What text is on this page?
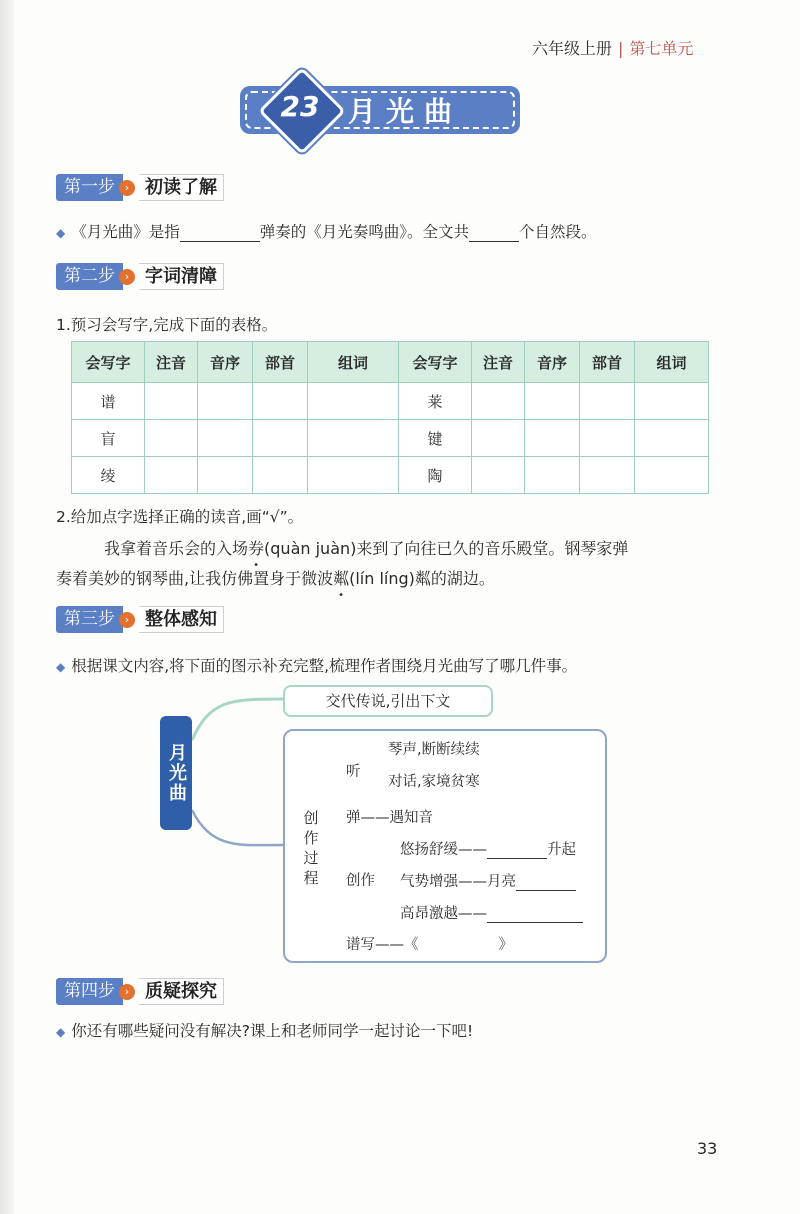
六年级上册 | 第七单元
23	月光曲
第一步 › 初读了解
◆ 《月光曲》是指	弹奏的《月光奏鸣曲》。全文共	个自然段。
第二步 › 字词清障
1.预习会写字,完成下面的表格。
会写字	注音	音序	部首	组词	会写字	注音	音序	部首	组词
谱					莱				
盲					键				
绫					陶				
2.给加点字选择正确的读音,画“√”。
我拿着音乐会的入场券(quàn juàn)来到了向往已久的音乐殿堂。钢琴家弹
奏着美妙的钢琴曲,让我仿佛置身于微波粼(lín líng)粼的湖边。
第三步 › 整体感知
◆ 根据课文内容,将下面的图示补充完整,梳理作者围绕月光曲写了哪几件事。
月光曲
交代传说,引出下文
创作过程
听
琴声,断断续续
对话,家境贫寒
弹——遇知音
创作
悠扬舒缓——	升起
气势增强——月亮
高昂激越——
谱写——《	》
第四步 › 质疑探究
◆ 你还有哪些疑问没有解决?课上和老师同学一起讨论一下吧!
33
